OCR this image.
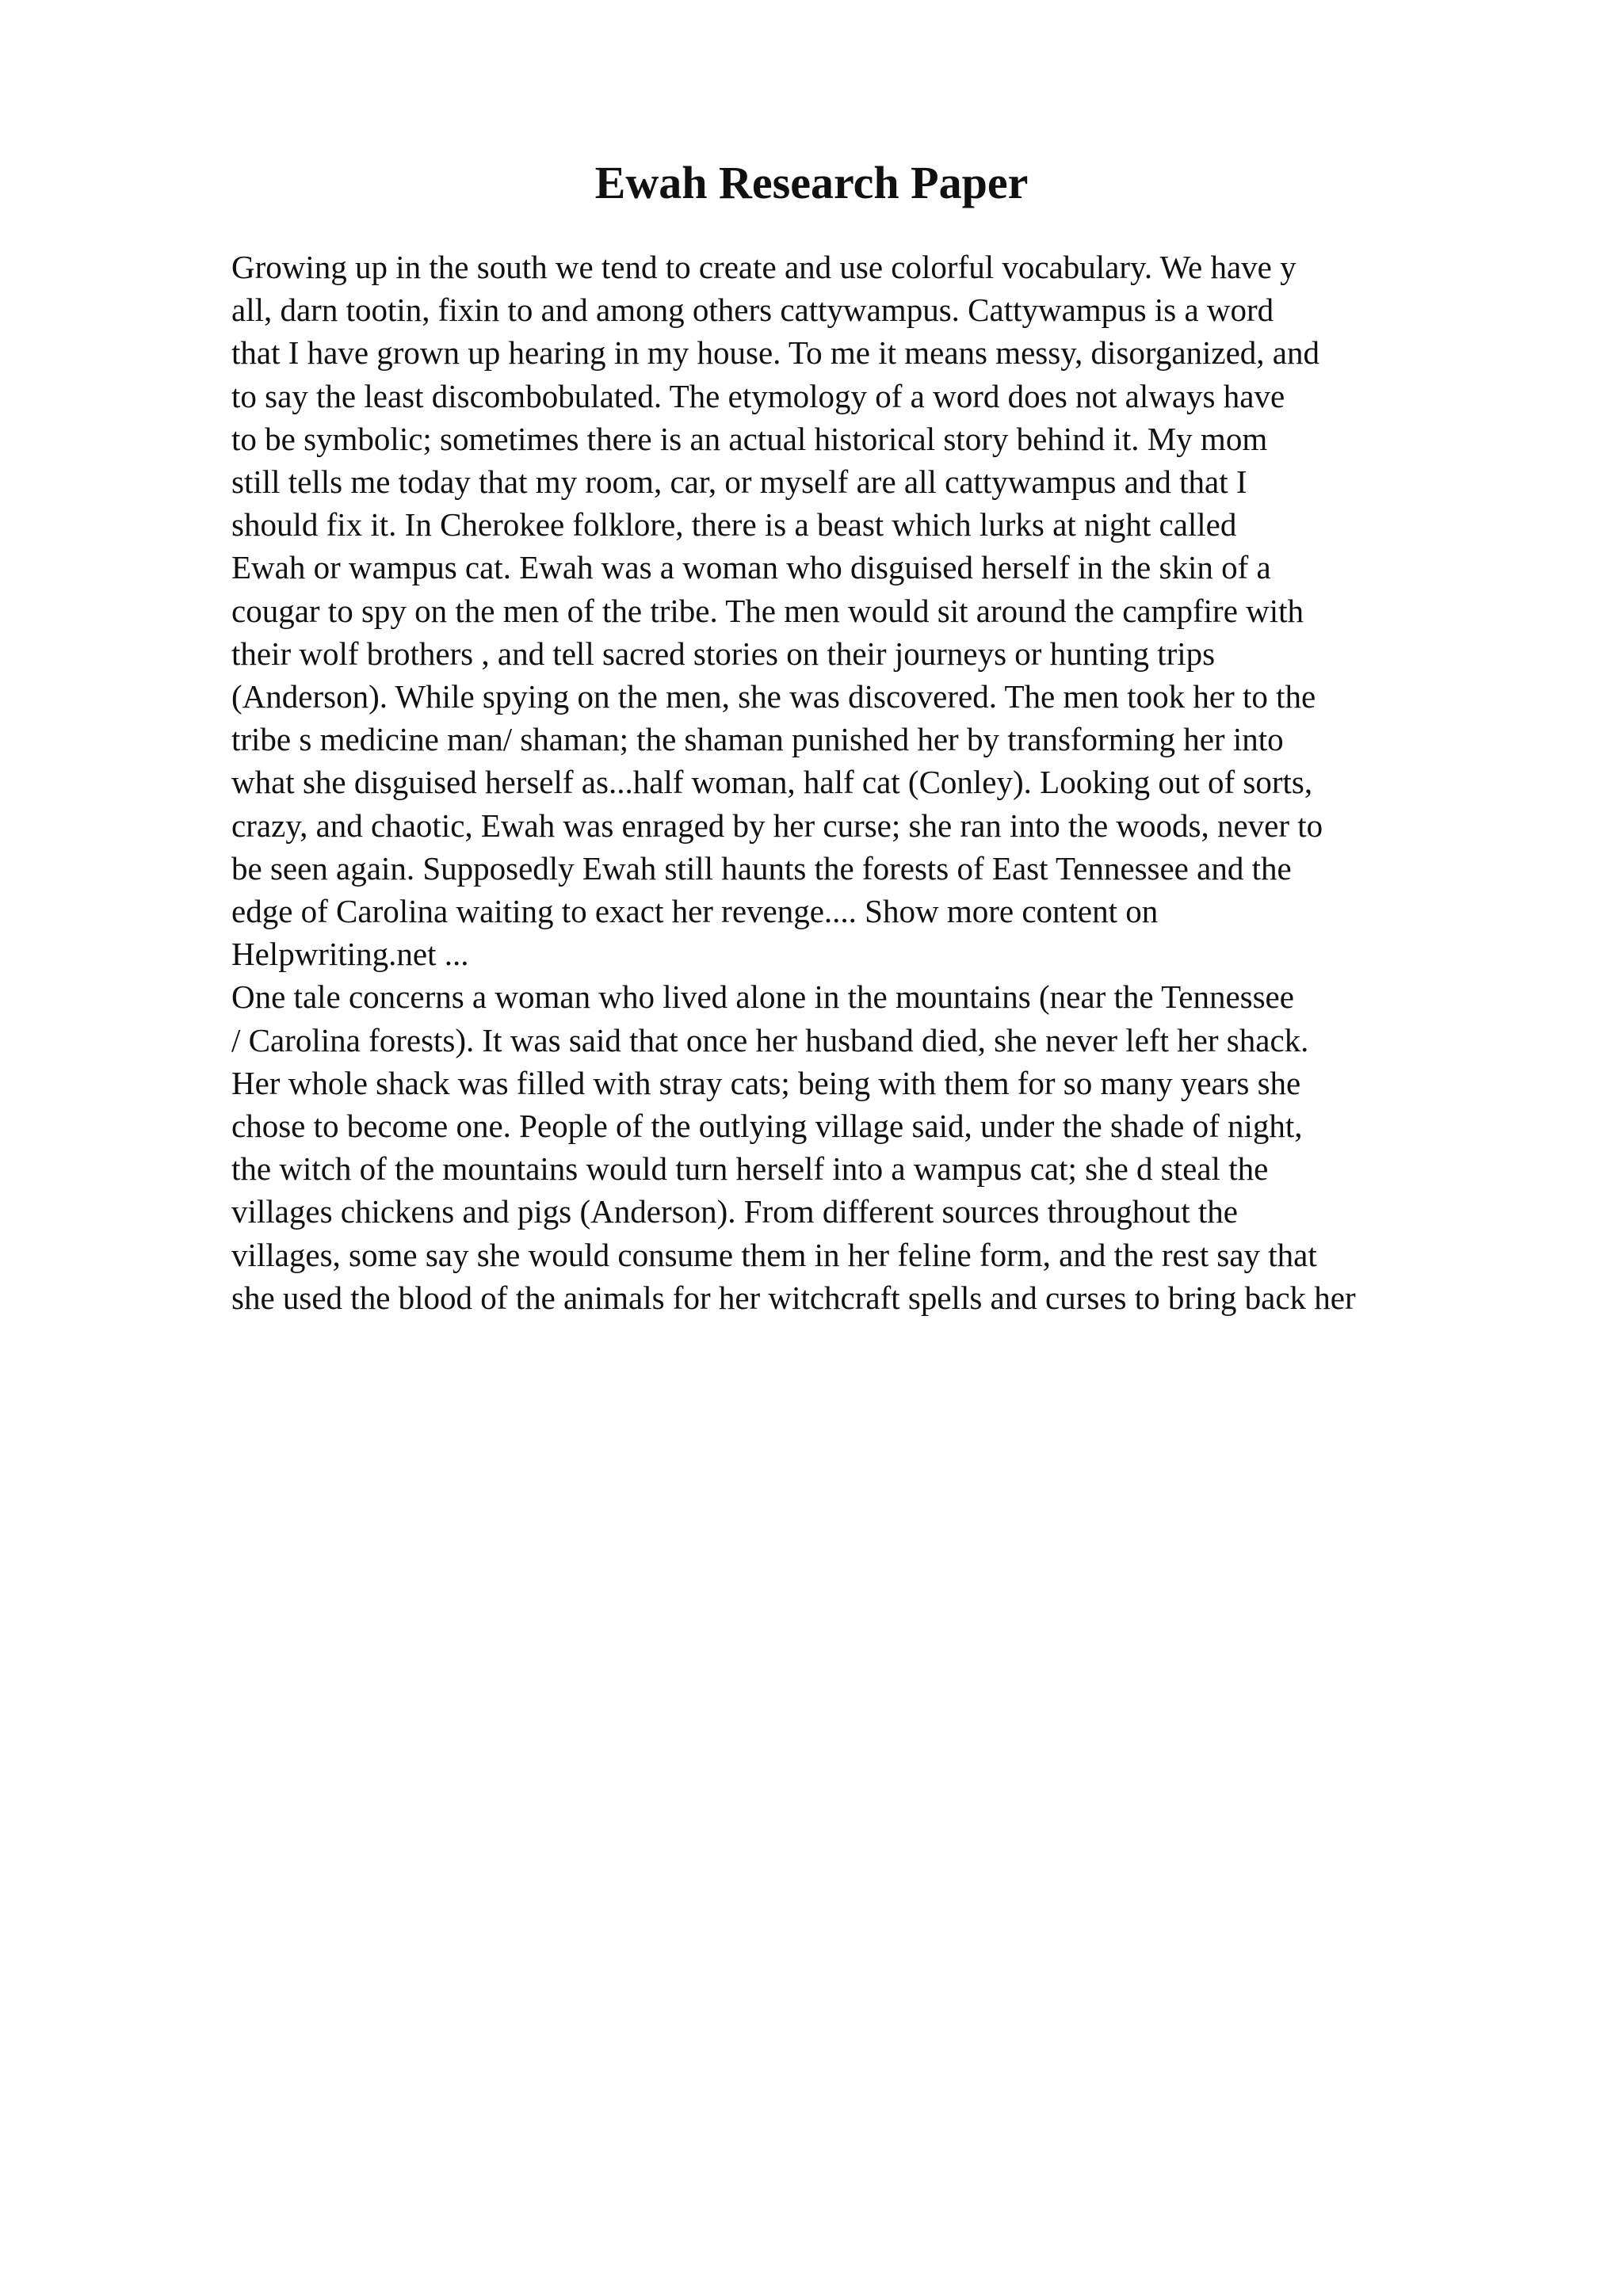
Ewah Research Paper
Growing up in the south we tend to create and use colorful vocabulary. We have y
all, darn tootin, fixin to and among others cattywampus. Cattywampus is a word
that I have grown up hearing in my house. To me it means messy, disorganized, and
to say the least discombobulated. The etymology of a word does not always have
to be symbolic; sometimes there is an actual historical story behind it. My mom
still tells me today that my room, car, or myself are all cattywampus and that I
should fix it. In Cherokee folklore, there is a beast which lurks at night called
Ewah or wampus cat. Ewah was a woman who disguised herself in the skin of a
cougar to spy on the men of the tribe. The men would sit around the campfire with
their wolf brothers , and tell sacred stories on their journeys or hunting trips
(Anderson). While spying on the men, she was discovered. The men took her to the
tribe s medicine man/ shaman; the shaman punished her by transforming her into
what she disguised herself as...half woman, half cat (Conley). Looking out of sorts,
crazy, and chaotic, Ewah was enraged by her curse; she ran into the woods, never to
be seen again. Supposedly Ewah still haunts the forests of East Tennessee and the
edge of Carolina waiting to exact her revenge.... Show more content on
Helpwriting.net ...
One tale concerns a woman who lived alone in the mountains (near the Tennessee
/ Carolina forests). It was said that once her husband died, she never left her shack.
Her whole shack was filled with stray cats; being with them for so many years she
chose to become one. People of the outlying village said, under the shade of night,
the witch of the mountains would turn herself into a wampus cat; she d steal the
villages chickens and pigs (Anderson). From different sources throughout the
villages, some say she would consume them in her feline form, and the rest say that
she used the blood of the animals for her witchcraft spells and curses to bring back her
